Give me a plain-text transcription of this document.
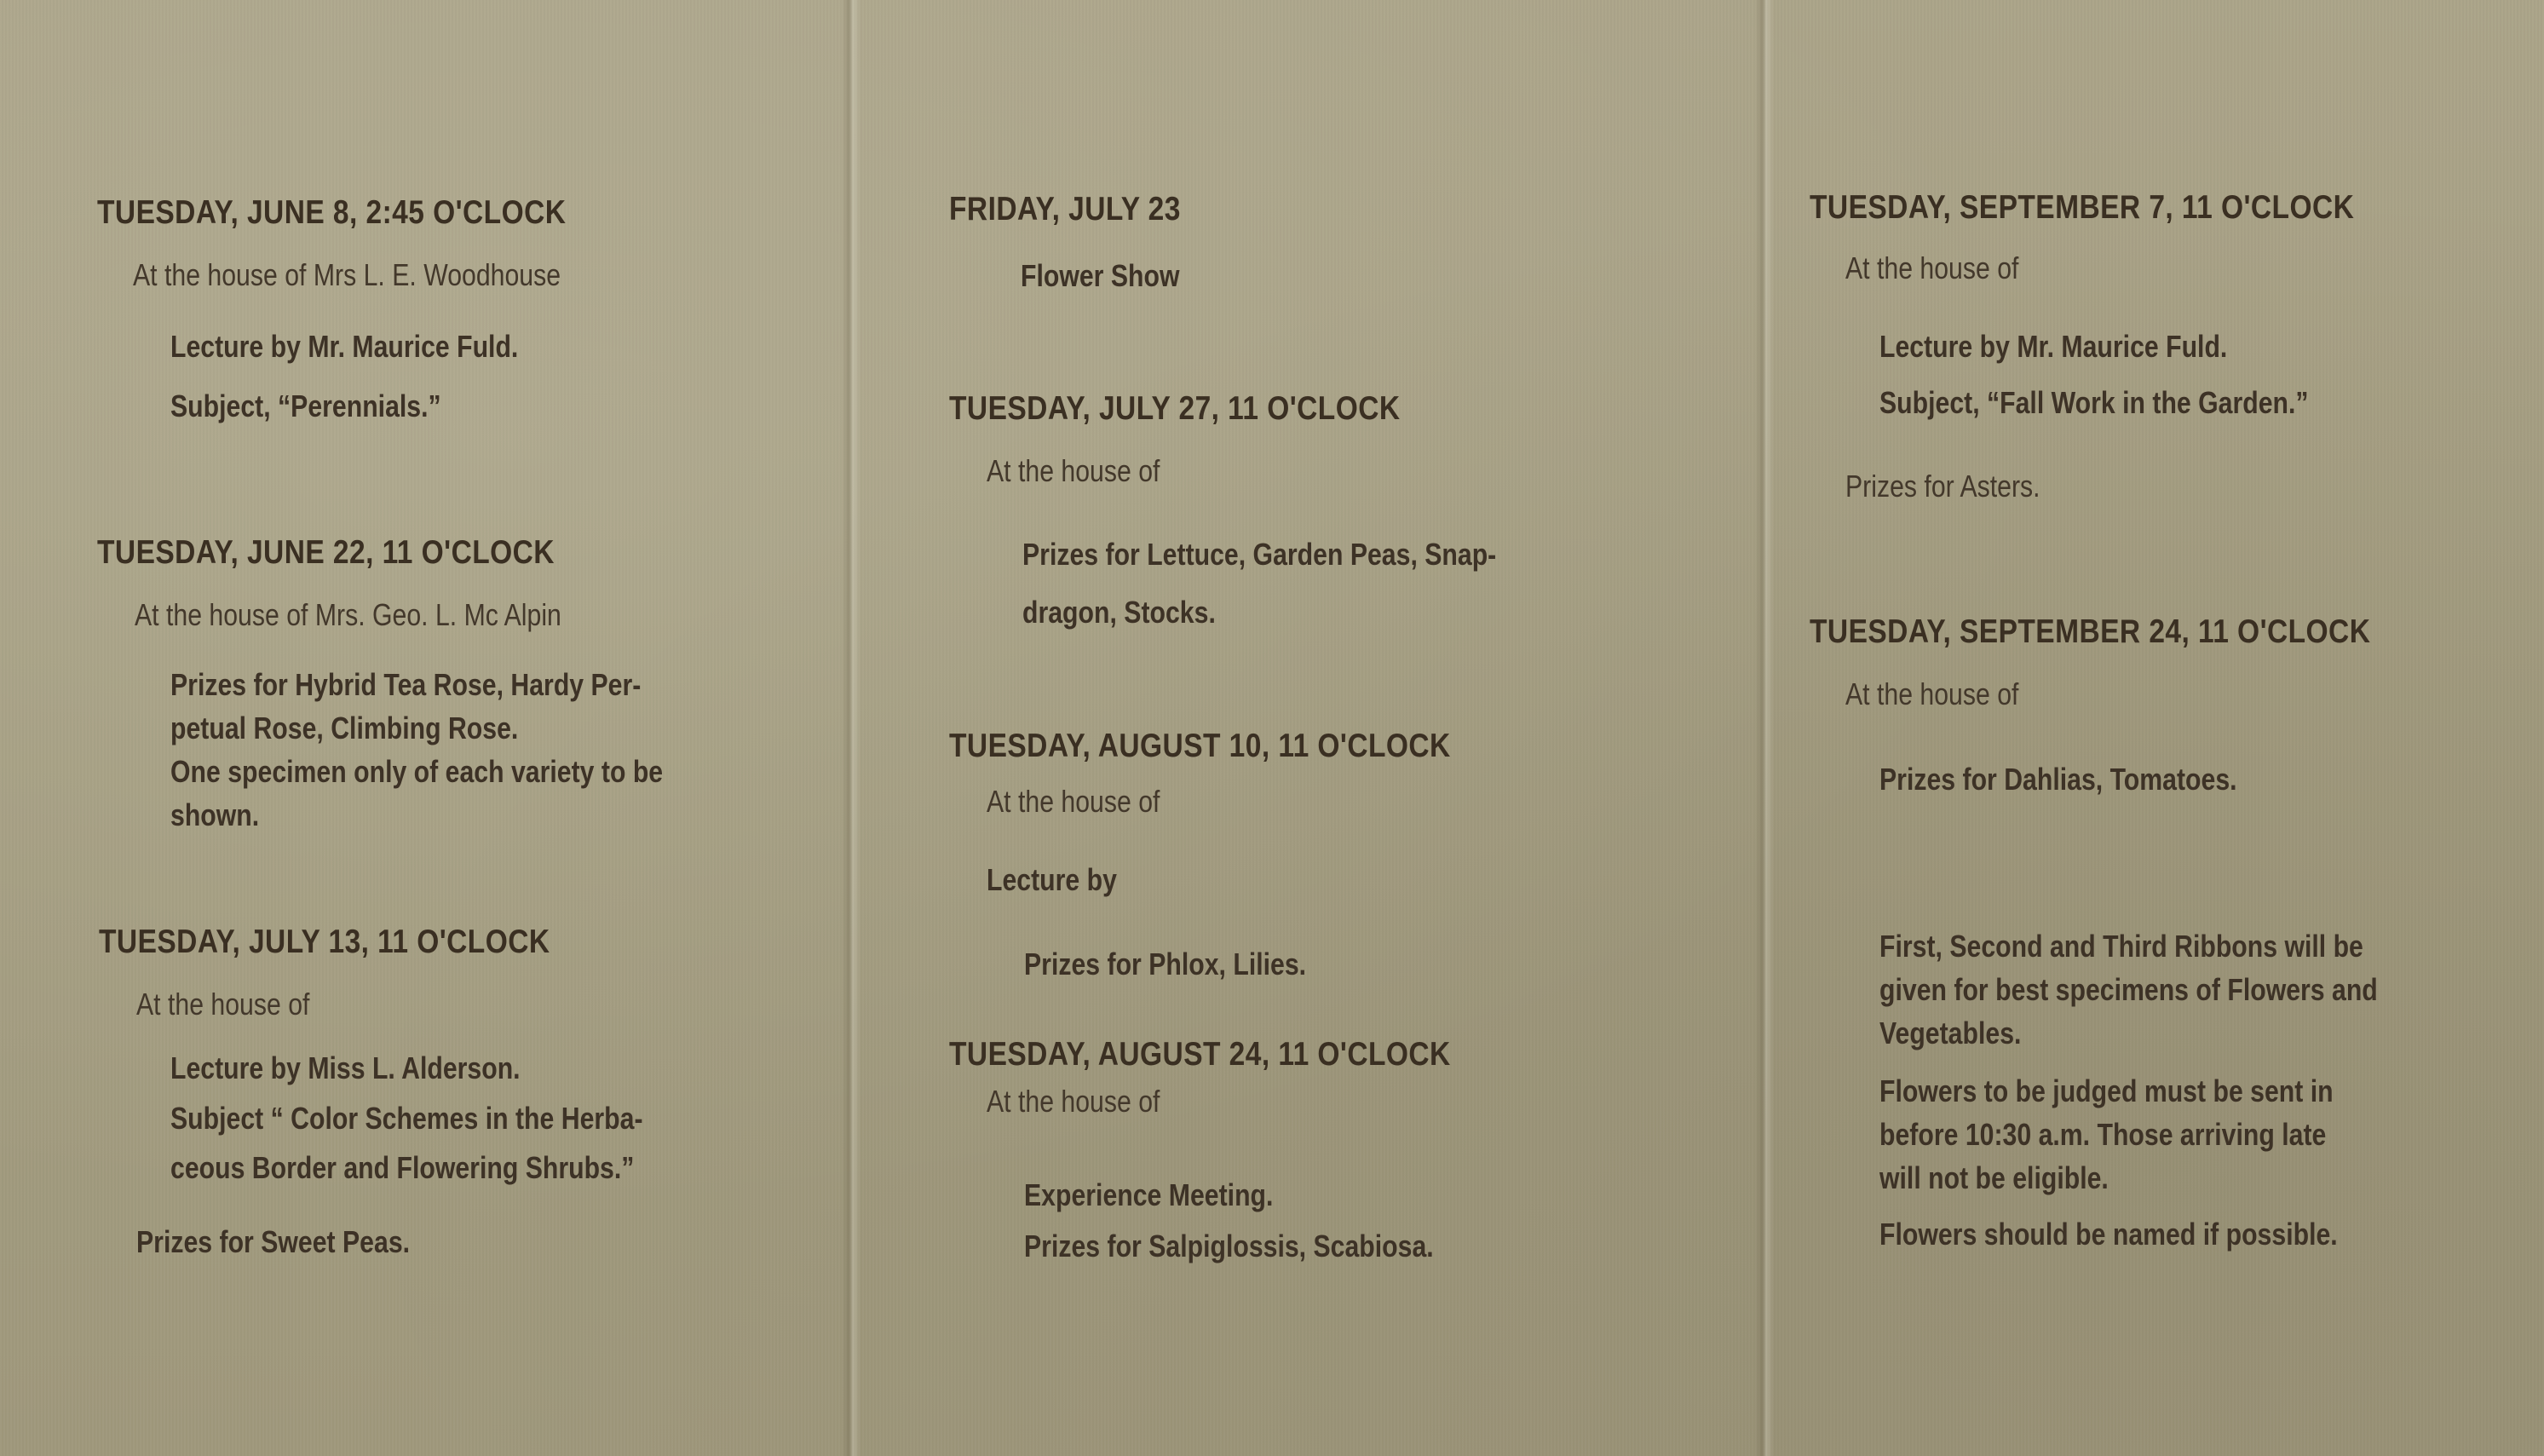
TUESDAY, JUNE 8, 2:45 O'CLOCK

At the house of Mrs L. E. Woodhouse

Lecture by Mr. Maurice Fuld.

Subject, “Perennials.”

TUESDAY, JUNE 22, 11 O'CLOCK

At the house of Mrs. Geo. L. Mc Alpin

Prizes for Hybrid Tea Rose, Hardy Per-

petual Rose, Climbing Rose.

One specimen only of each variety to be

shown.

TUESDAY, JULY 13, 11 O'CLOCK

At the house of

Lecture by Miss L. Alderson.

Subject “ Color Schemes in the Herba-

ceous Border and Flowering Shrubs.”

Prizes for Sweet Peas.

FRIDAY, JULY 23

Flower Show

TUESDAY, JULY 27, 11 O'CLOCK

At the house of

Prizes for Lettuce, Garden Peas, Snap-

dragon, Stocks.

TUESDAY, AUGUST 10, 11 O'CLOCK

At the house of

Lecture by

Prizes for Phlox, Lilies.

TUESDAY, AUGUST 24, 11 O'CLOCK

At the house of

Experience Meeting.

Prizes for Salpiglossis, Scabiosa.

TUESDAY, SEPTEMBER 7, 11 O'CLOCK

At the house of

Lecture by Mr. Maurice Fuld.

Subject, “Fall Work in the Garden.”

Prizes for Asters.

TUESDAY, SEPTEMBER 24, 11 O'CLOCK

At the house of

Prizes for Dahlias, Tomatoes.

First, Second and Third Ribbons will be

given for best specimens of Flowers and

Vegetables.

Flowers to be judged must be sent in

before 10:30 a.m. Those arriving late

will not be eligible.

Flowers should be named if possible.
